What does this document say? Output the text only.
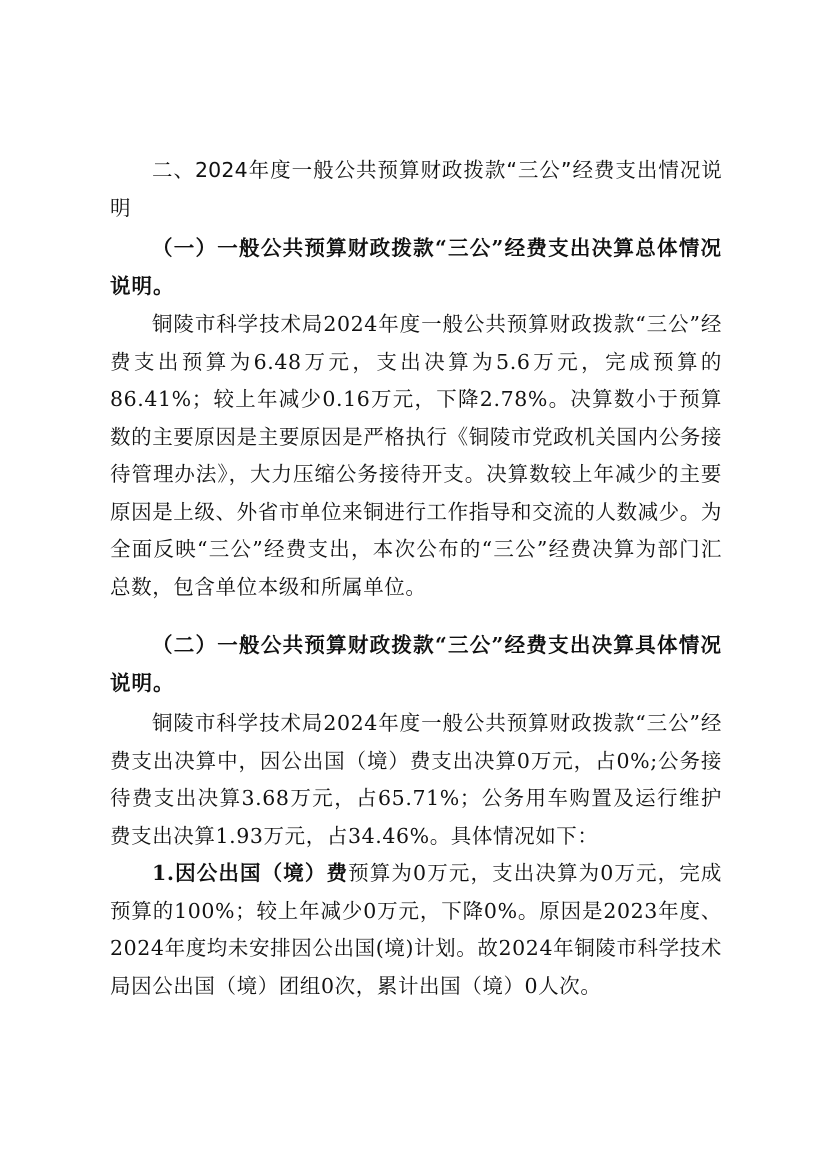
二、2024年度一般公共预算财政拨款“三公”经费支出情况说明

（一）一般公共预算财政拨款“三公”经费支出决算总体情况说明。

铜陵市科学技术局2024年度一般公共预算财政拨款“三公”经费支出预算为6.48万元，支出决算为5.6万元，完成预算的86.41%；较上年减少0.16万元，下降2.78%。决算数小于预算数的主要原因是主要原因是严格执行《铜陵市党政机关国内公务接待管理办法》，大力压缩公务接待开支。决算数较上年减少的主要原因是上级、外省市单位来铜进行工作指导和交流的人数减少。为全面反映“三公”经费支出，本次公布的“三公”经费决算为部门汇总数，包含单位本级和所属单位。

（二）一般公共预算财政拨款“三公”经费支出决算具体情况说明。

铜陵市科学技术局2024年度一般公共预算财政拨款“三公”经费支出决算中，因公出国（境）费支出决算0万元，占0%;公务接待费支出决算3.68万元，占65.71%；公务用车购置及运行维护费支出决算1.93万元，占34.46%。具体情况如下：

1.因公出国（境）费预算为0万元，支出决算为0万元，完成预算的100%；较上年减少0万元，下降0%。原因是2023年度、2024年度均未安排因公出国(境)计划。故2024年铜陵市科学技术局因公出国（境）团组0次，累计出国（境）0人次。
